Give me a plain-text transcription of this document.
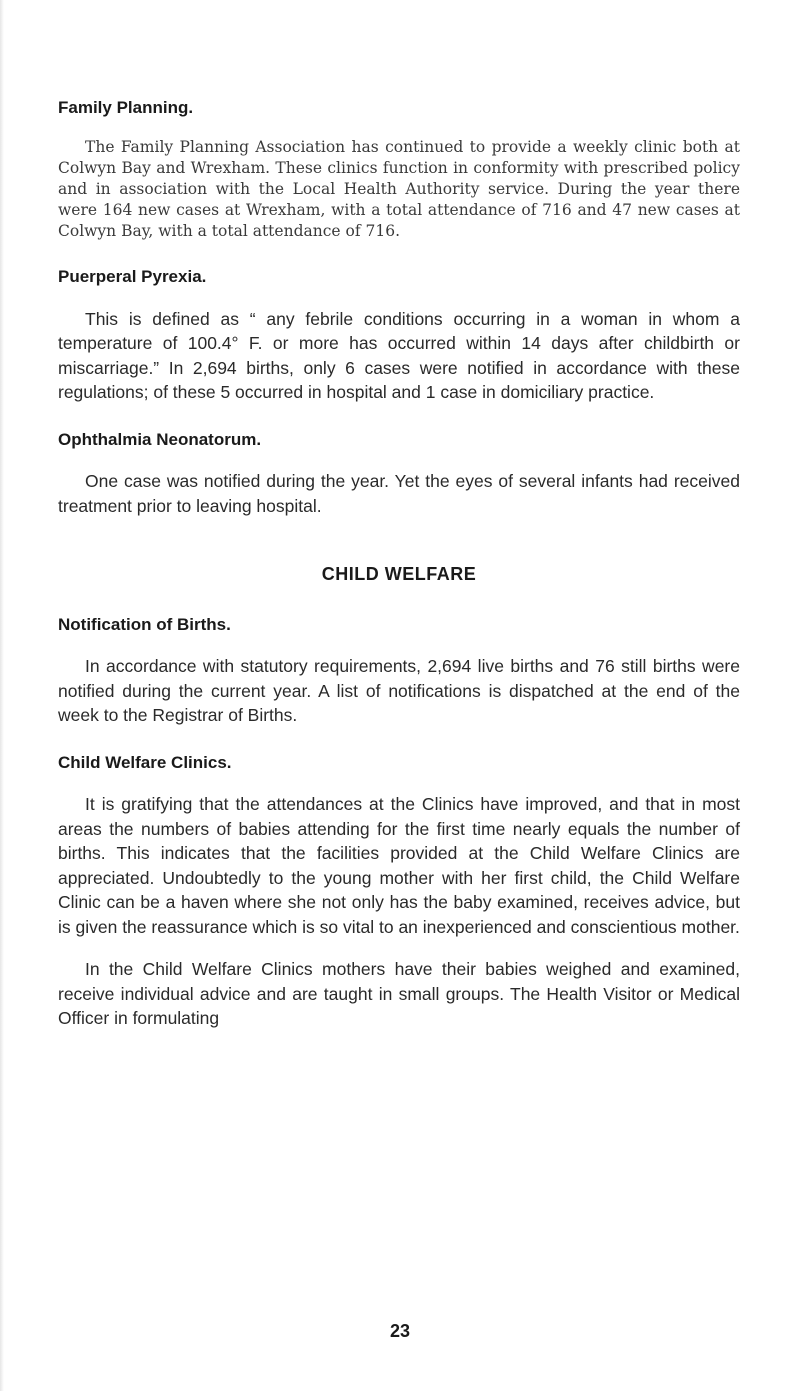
Family Planning.

The Family Planning Association has continued to provide a weekly clinic both at Colwyn Bay and Wrexham. These clinics function in conformity with prescribed policy and in association with the Local Health Authority service. During the year there were 164 new cases at Wrexham, with a total attendance of 716 and 47 new cases at Colwyn Bay, with a total attendance of 716.

Puerperal Pyrexia.

This is defined as “ any febrile conditions occurring in a woman in whom a temperature of 100.4° F. or more has occurred within 14 days after childbirth or miscarriage.” In 2,694 births, only 6 cases were notified in accordance with these regulations; of these 5 occurred in hospital and 1 case in domiciliary practice.

Ophthalmia Neonatorum.

One case was notified during the year. Yet the eyes of several infants had received treatment prior to leaving hospital.

CHILD WELFARE
Notification of Births.

In accordance with statutory requirements, 2,694 live births and 76 still births were notified during the current year. A list of notifications is dispatched at the end of the week to the Registrar of Births.

Child Welfare Clinics.

It is gratifying that the attendances at the Clinics have improved, and that in most areas the numbers of babies attending for the first time nearly equals the number of births. This indicates that the facilities provided at the Child Welfare Clinics are appreciated. Undoubtedly to the young mother with her first child, the Child Welfare Clinic can be a haven where she not only has the baby examined, receives advice, but is given the reassurance which is so vital to an inexperienced and conscientious mother.

In the Child Welfare Clinics mothers have their babies weighed and examined, receive individual advice and are taught in small groups. The Health Visitor or Medical Officer in formulating

23
